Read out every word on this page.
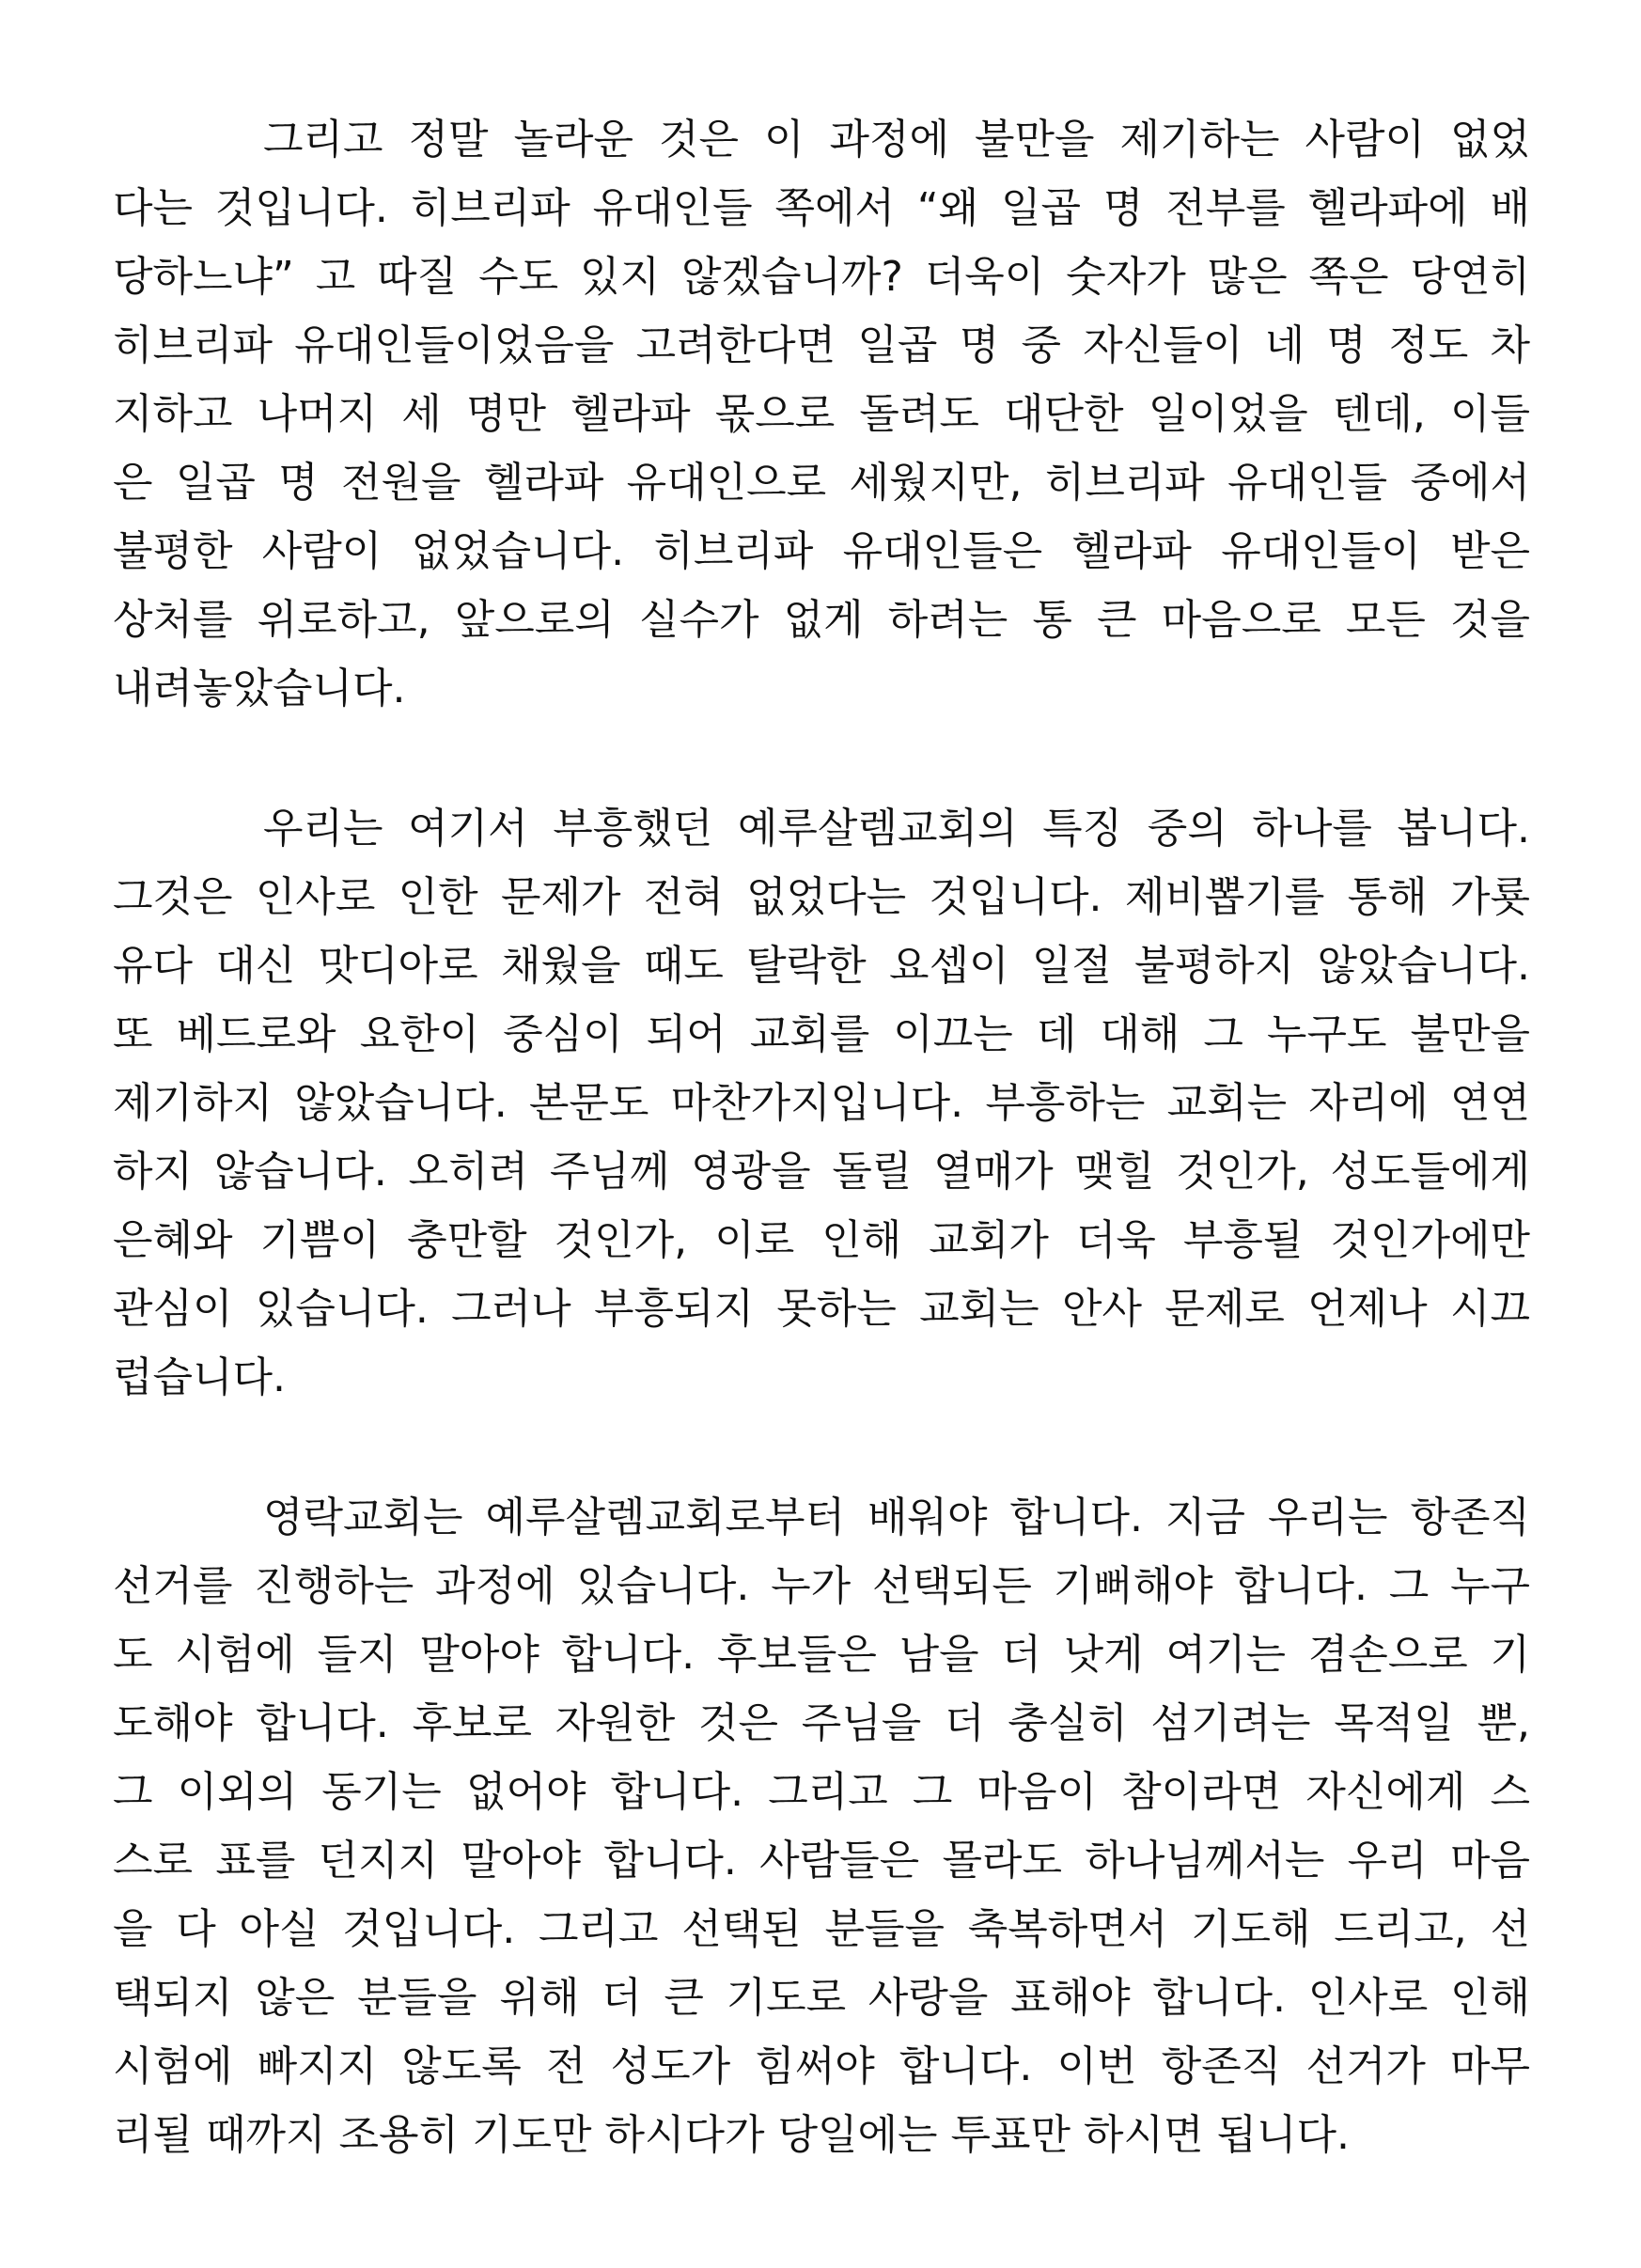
그리고 정말 놀라운 것은 이 과정에 불만을 제기하는 사람이 없었
다는 것입니다. 히브리파 유대인들 쪽에서 “왜 일곱 명 전부를 헬라파에 배
당하느냐” 고 따질 수도 있지 않겠습니까? 더욱이 숫자가 많은 쪽은 당연히
히브리파 유대인들이었음을 고려한다면 일곱 명 중 자신들이 네 명 정도 차
지하고 나머지 세 명만 헬라파 몫으로 돌려도 대단한 일이었을 텐데, 이들
은 일곱 명 전원을 헬라파 유대인으로 세웠지만, 히브리파 유대인들 중에서
불평한 사람이 없었습니다. 히브리파 유대인들은 헬라파 유대인들이 받은
상처를 위로하고, 앞으로의 실수가 없게 하려는 통 큰 마음으로 모든 것을
내려놓았습니다.
우리는 여기서 부흥했던 예루살렘교회의 특징 중의 하나를 봅니다.
그것은 인사로 인한 문제가 전혀 없었다는 것입니다. 제비뽑기를 통해 가룟
유다 대신 맛디아로 채웠을 때도 탈락한 요셉이 일절 불평하지 않았습니다.
또 베드로와 요한이 중심이 되어 교회를 이끄는 데 대해 그 누구도 불만을
제기하지 않았습니다. 본문도 마찬가지입니다. 부흥하는 교회는 자리에 연연
하지 않습니다. 오히려 주님께 영광을 돌릴 열매가 맺힐 것인가, 성도들에게
은혜와 기쁨이 충만할 것인가, 이로 인해 교회가 더욱 부흥될 것인가에만
관심이 있습니다. 그러나 부흥되지 못하는 교회는 안사 문제로 언제나 시끄
럽습니다.
영락교회는 예루살렘교회로부터 배워야 합니다. 지금 우리는 항존직
선거를 진행하는 과정에 있습니다. 누가 선택되든 기뻐해야 합니다. 그 누구
도 시험에 들지 말아야 합니다. 후보들은 남을 더 낫게 여기는 겸손으로 기
도해야 합니다. 후보로 자원한 것은 주님을 더 충실히 섬기려는 목적일 뿐,
그 이외의 동기는 없어야 합니다. 그리고 그 마음이 참이라면 자신에게 스
스로 표를 던지지 말아야 합니다. 사람들은 몰라도 하나님께서는 우리 마음
을 다 아실 것입니다. 그리고 선택된 분들을 축복하면서 기도해 드리고, 선
택되지 않은 분들을 위해 더 큰 기도로 사랑을 표해야 합니다. 인사로 인해
시험에 빠지지 않도록 전 성도가 힘써야 합니다. 이번 항존직 선거가 마무
리될 때까지 조용히 기도만 하시다가 당일에는 투표만 하시면 됩니다.
